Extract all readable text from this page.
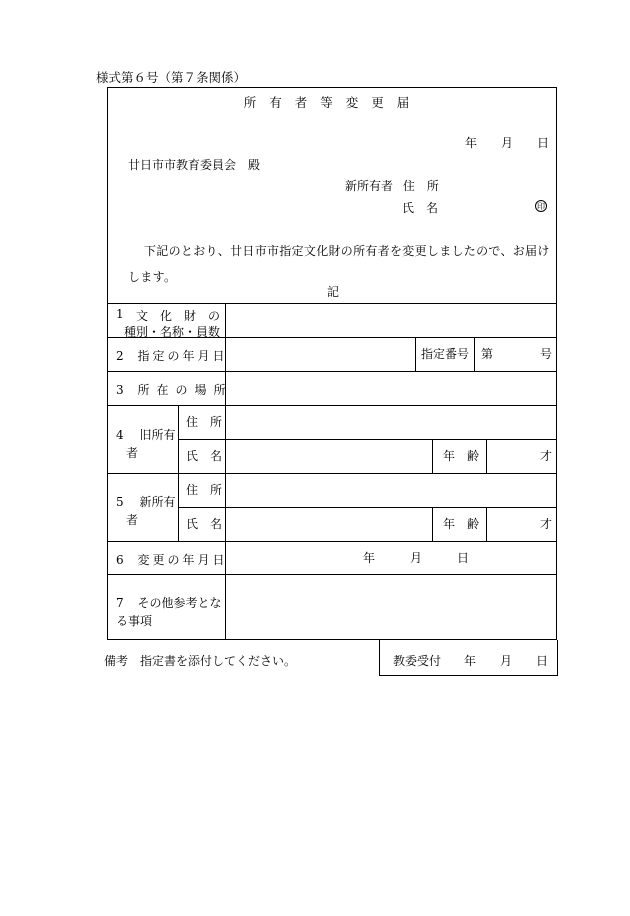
様式第６号（第７条関係）
所有者等変更届
年 月 日
廿日市市教育委員会　殿
新所有者 住　所
氏　名	印
下記のとおり、廿日市市指定文化財の所有者を変更しましたので、お届けします。
記
1 文　化　財　の
種別・名称・員数
2 指定の年月日	指定番号 第	号
3 所在の場所
4 旧所有
者
住　所
氏　名	年　齢	才
5 新所有
者
住　所
氏　名	年　齢	才
6 変更の年月日	年	月	日
7 その他参考とな
る事項
備考　指定書を添付してください。	教委受付 年 月 日
